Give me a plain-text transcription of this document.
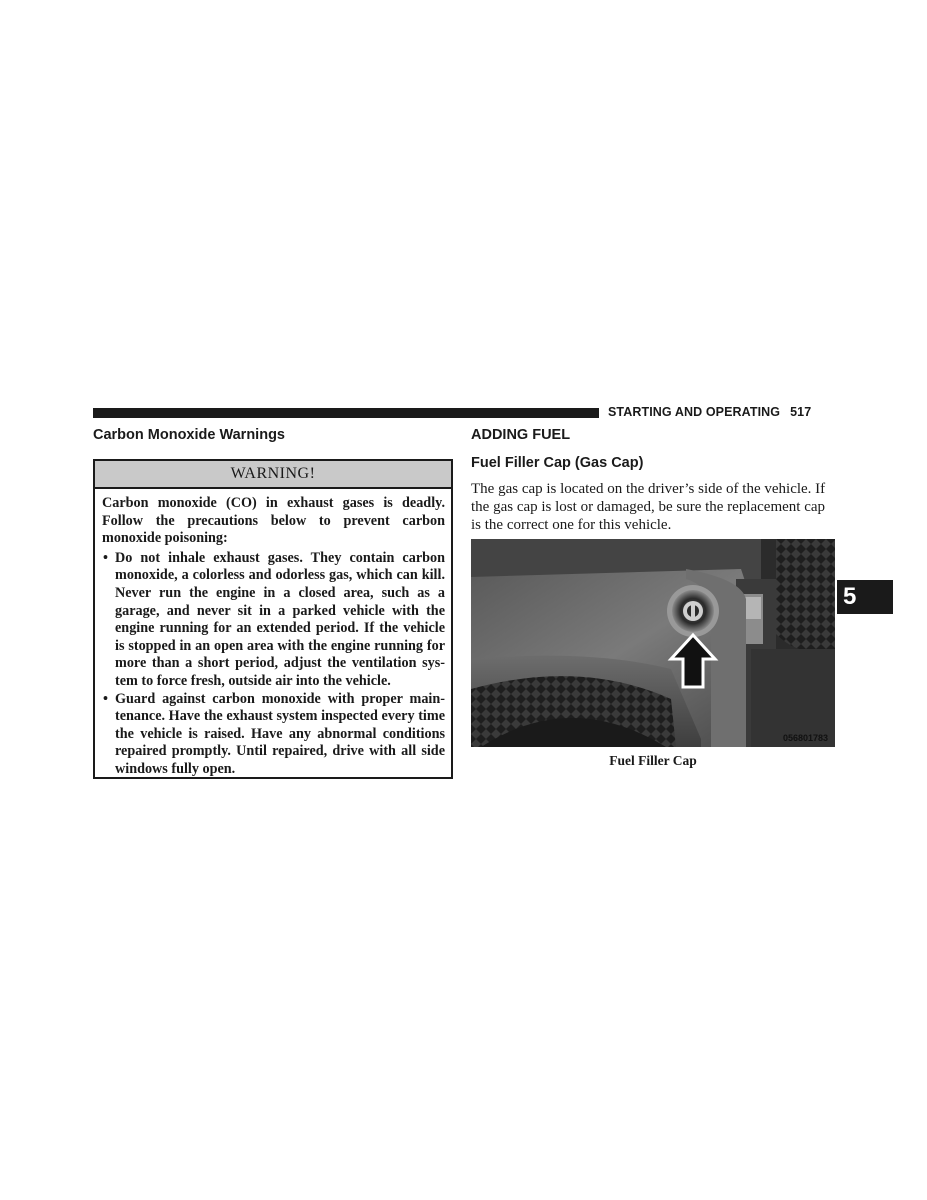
STARTING AND OPERATING 517
Carbon Monoxide Warnings
WARNING!

Carbon monoxide (CO) in exhaust gases is deadly. Follow the precautions below to prevent carbon monoxide poisoning:

• Do not inhale exhaust gases. They contain carbon monoxide, a colorless and odorless gas, which can kill. Never run the engine in a closed area, such as a garage, and never sit in a parked vehicle with the engine running for an extended period. If the vehicle is stopped in an open area with the engine running for more than a short period, adjust the ventilation sys-tem to force fresh, outside air into the vehicle.
• Guard against carbon monoxide with proper main-tenance. Have the exhaust system inspected every time the vehicle is raised. Have any abnormal conditions repaired promptly. Until repaired, drive with all side windows fully open.
ADDING FUEL
Fuel Filler Cap (Gas Cap)

The gas cap is located on the driver’s side of the vehicle. If the gas cap is lost or damaged, be sure the replacement cap is the correct one for this vehicle.

056801783
Fuel Filler Cap
5
